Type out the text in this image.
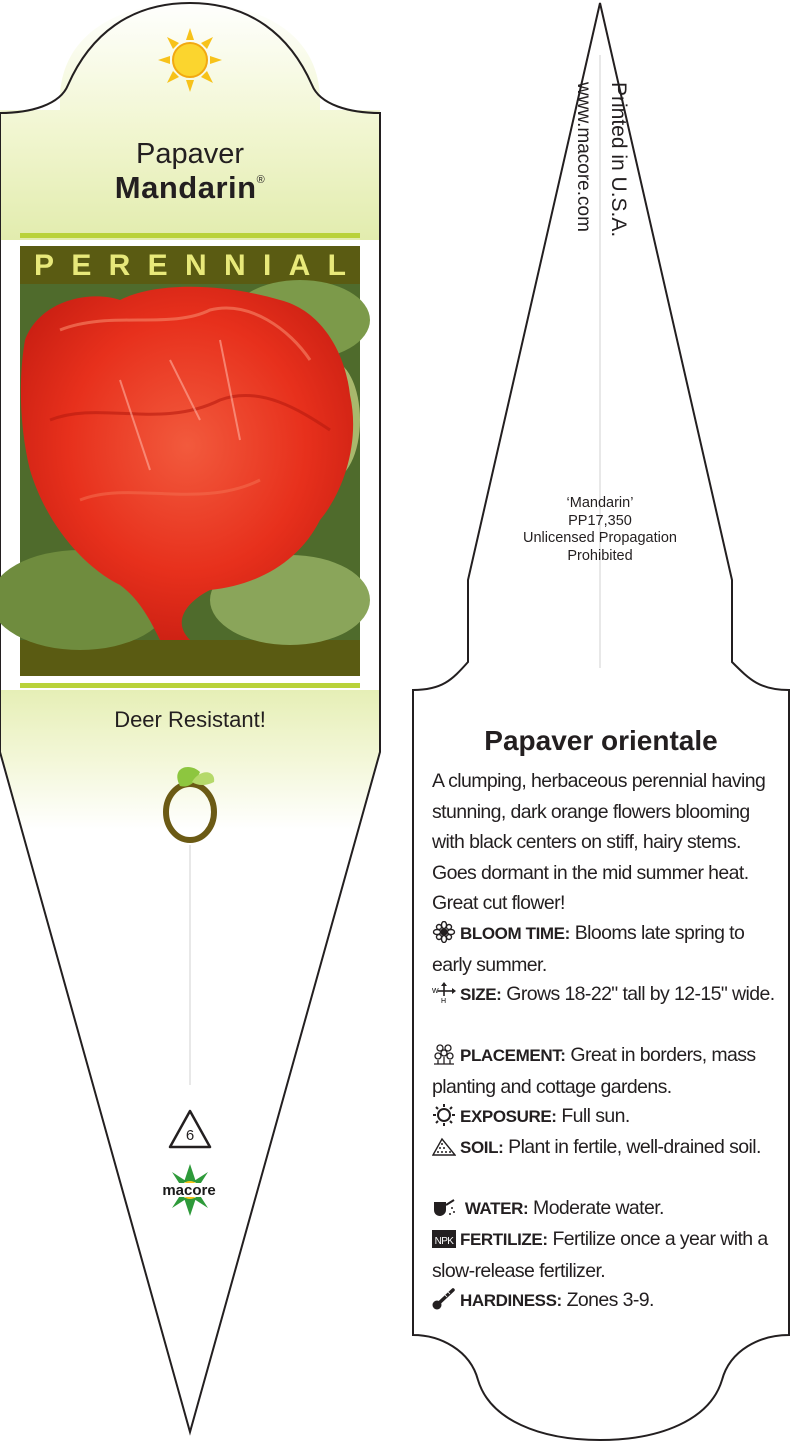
Papaver
Mandarin®
P E R E N N I A L
Deer Resistant!
6
macore
Printed in U.S.A.
www.macore.com
‘Mandarin’
PP17,350
Unlicensed Propagation
Prohibited
Papaver orientale
A clumping, herbaceous perennial having stunning, dark orange flowers blooming with black centers on stiff, hairy stems. Goes dormant in the mid summer heat. Great cut flower!
BLOOM TIME: Blooms late spring to early summer.
W
H SIZE: Grows 18-22" tall by 12-15" wide.
PLACEMENT: Great in borders, mass planting and cottage gardens.
EXPOSURE: Full sun.
SOIL: Plant in fertile, well-drained soil.
WATER: Moderate water.
NPK FERTILIZE: Fertilize once a year with a slow-release fertilizer.
HARDINESS: Zones 3-9.
